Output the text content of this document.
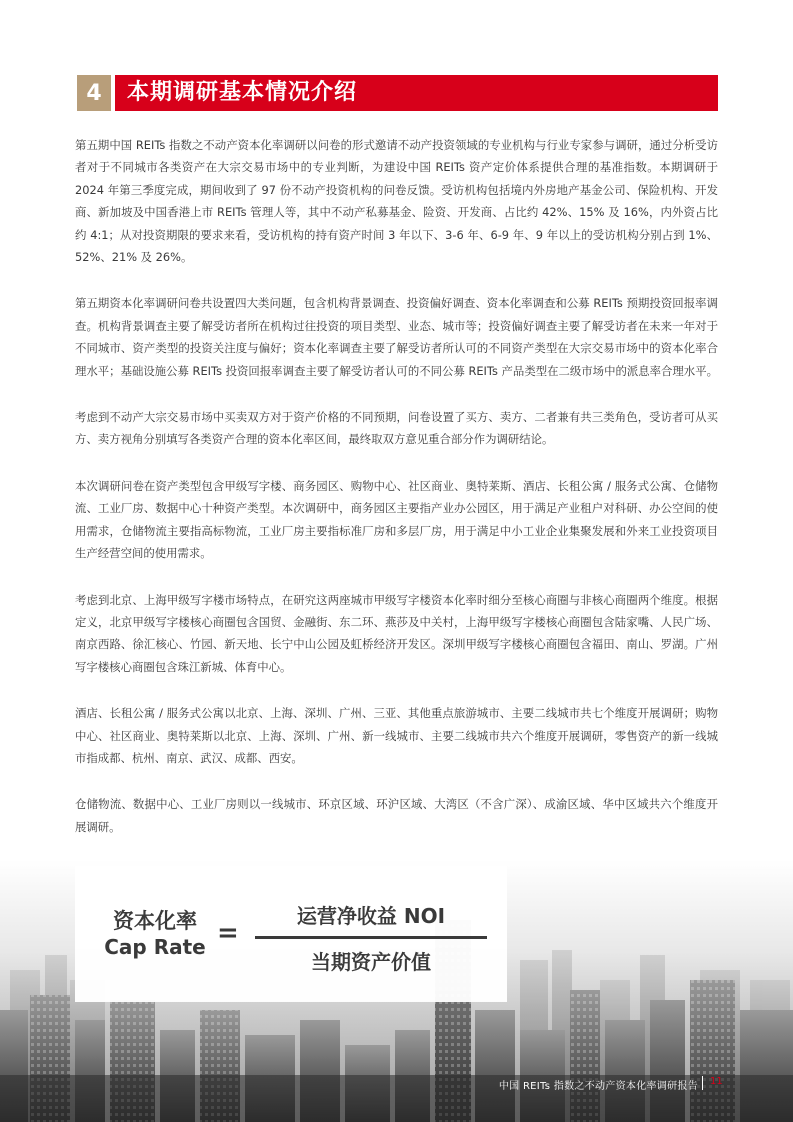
4	本期调研基本情况介绍

第五期中国 REITs 指数之不动产资本化率调研以问卷的形式邀请不动产投资领域的专业机构与行业专家参与调研，通过分析受访者对于不同城市各类资产在大宗交易市场中的专业判断，为建设中国 REITs 资产定价体系提供合理的基准指数。本期调研于 2024 年第三季度完成，期间收到了 97 份不动产投资机构的问卷反馈。受访机构包括境内外房地产基金公司、保险机构、开发商、新加坡及中国香港上市 REITs 管理人等，其中不动产私募基金、险资、开发商、占比约 42%、15% 及 16%，内外资占比约 4:1；从对投资期限的要求来看，受访机构的持有资产时间 3 年以下、3-6 年、6-9 年、9 年以上的受访机构分别占到 1%、52%、21% 及 26%。

第五期资本化率调研问卷共设置四大类问题，包含机构背景调查、投资偏好调查、资本化率调查和公募 REITs 预期投资回报率调查。机构背景调查主要了解受访者所在机构过往投资的项目类型、业态、城市等；投资偏好调查主要了解受访者在未来一年对于不同城市、资产类型的投资关注度与偏好；资本化率调查主要了解受访者所认可的不同资产类型在大宗交易市场中的资本化率合理水平；基础设施公募 REITs 投资回报率调查主要了解受访者认可的不同公募 REITs 产品类型在二级市场中的派息率合理水平。

考虑到不动产大宗交易市场中买卖双方对于资产价格的不同预期，问卷设置了买方、卖方、二者兼有共三类角色，受访者可从买方、卖方视角分别填写各类资产合理的资本化率区间，最终取双方意见重合部分作为调研结论。

本次调研问卷在资产类型包含甲级写字楼、商务园区、购物中心、社区商业、奥特莱斯、酒店、长租公寓 / 服务式公寓、仓储物流、工业厂房、数据中心十种资产类型。本次调研中，商务园区主要指产业办公园区，用于满足产业租户对科研、办公空间的使用需求，仓储物流主要指高标物流，工业厂房主要指标准厂房和多层厂房，用于满足中小工业企业集聚发展和外来工业投资项目生产经营空间的使用需求。

考虑到北京、上海甲级写字楼市场特点，在研究这两座城市甲级写字楼资本化率时细分至核心商圈与非核心商圈两个维度。根据定义，北京甲级写字楼核心商圈包含国贸、金融街、东二环、燕莎及中关村，上海甲级写字楼核心商圈包含陆家嘴、人民广场、南京西路、徐汇核心、竹园、新天地、长宁中山公园及虹桥经济开发区。深圳甲级写字楼核心商圈包含福田、南山、罗湖。广州写字楼核心商圈包含珠江新城、体育中心。

酒店、长租公寓 / 服务式公寓以北京、上海、深圳、广州、三亚、其他重点旅游城市、主要二线城市共七个维度开展调研；购物中心、社区商业、奥特莱斯以北京、上海、深圳、广州、新一线城市、主要二线城市共六个维度开展调研，零售资产的新一线城市指成都、杭州、南京、武汉、成都、西安。

仓储物流、数据中心、工业厂房则以一线城市、环京区域、环沪区域、大湾区（不含广深）、成渝区域、华中区域共六个维度开展调研。

资本化率
Cap Rate =
运营净收益 NOI
当期资产价值
中国 REITs 指数之不动产资本化率调研报告 11
